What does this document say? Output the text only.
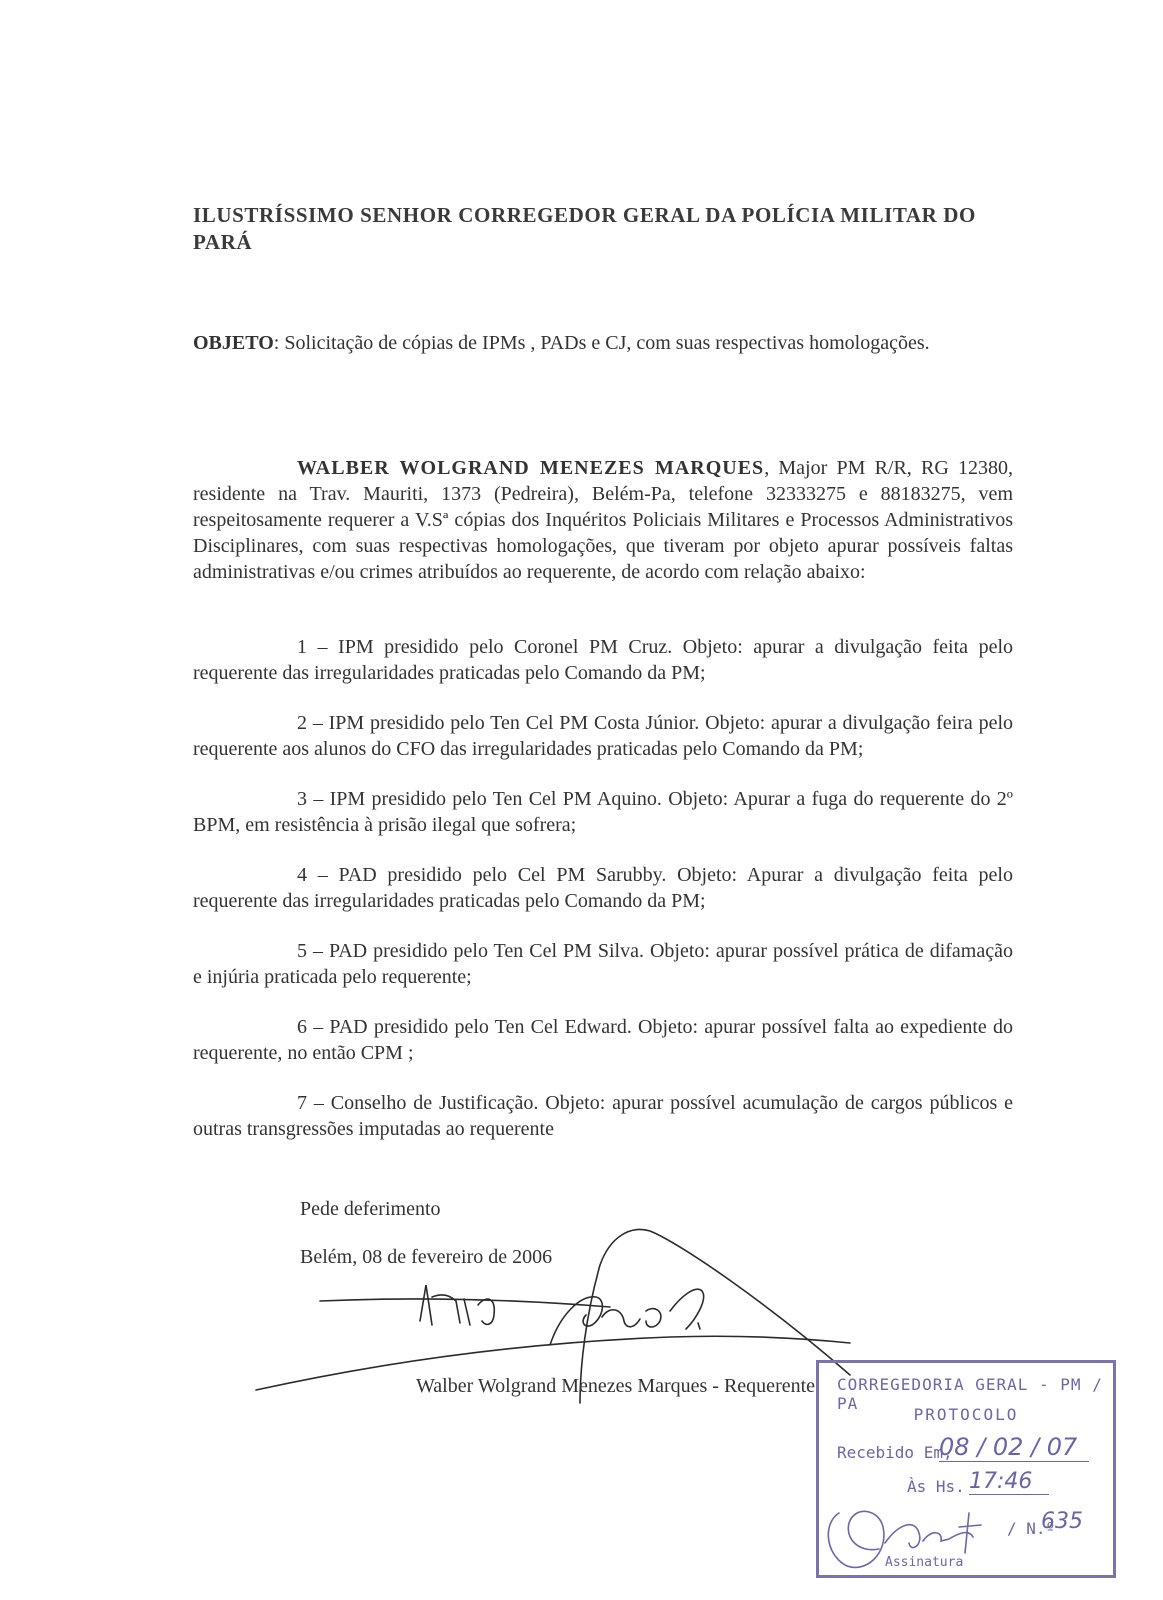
ILUSTRÍSSIMO SENHOR CORREGEDOR GERAL DA POLÍCIA MILITAR DO PARÁ
OBJETO: Solicitação de cópias de IPMs , PADs e CJ, com suas respectivas homologações.
WALBER WOLGRAND MENEZES MARQUES, Major PM R/R, RG 12380, residente na Trav. Mauriti, 1373 (Pedreira), Belém-Pa, telefone 32333275 e 88183275, vem respeitosamente requerer a V.Sª cópias dos Inquéritos Policiais Militares e Processos Administrativos Disciplinares, com suas respectivas homologações, que tiveram por objeto apurar possíveis faltas administrativas e/ou crimes atribuídos ao requerente, de acordo com relação abaixo:
1 – IPM presidido pelo Coronel PM Cruz. Objeto: apurar a divulgação feita pelo requerente das irregularidades praticadas pelo Comando da PM;
2 – IPM presidido pelo Ten Cel PM Costa Júnior. Objeto: apurar a divulgação feira pelo requerente aos alunos do CFO das irregularidades praticadas pelo Comando da PM;
3 – IPM presidido pelo Ten Cel PM Aquino. Objeto: Apurar a fuga do requerente do 2º BPM, em resistência à prisão ilegal que sofrera;
4 – PAD presidido pelo Cel PM Sarubby. Objeto: Apurar a divulgação feita pelo requerente das irregularidades praticadas pelo Comando da PM;
5 – PAD presidido pelo Ten Cel PM Silva. Objeto: apurar possível prática de difamação e injúria praticada pelo requerente;
6 – PAD presidido pelo Ten Cel Edward. Objeto: apurar possível falta ao expediente do requerente, no então CPM ;
7 – Conselho de Justificação. Objeto: apurar possível acumulação de cargos públicos e outras transgressões imputadas ao requerente
Pede deferimento
Belém, 08 de fevereiro de 2006
Walber Wolgrand Menezes Marques - Requerente CORREGEDORIA GERAL - PM / PA
PROTOCOLO
Recebido Em,
08 / 02 / 07
Às Hs. 17:46
/ N.º
635
Assinatura
